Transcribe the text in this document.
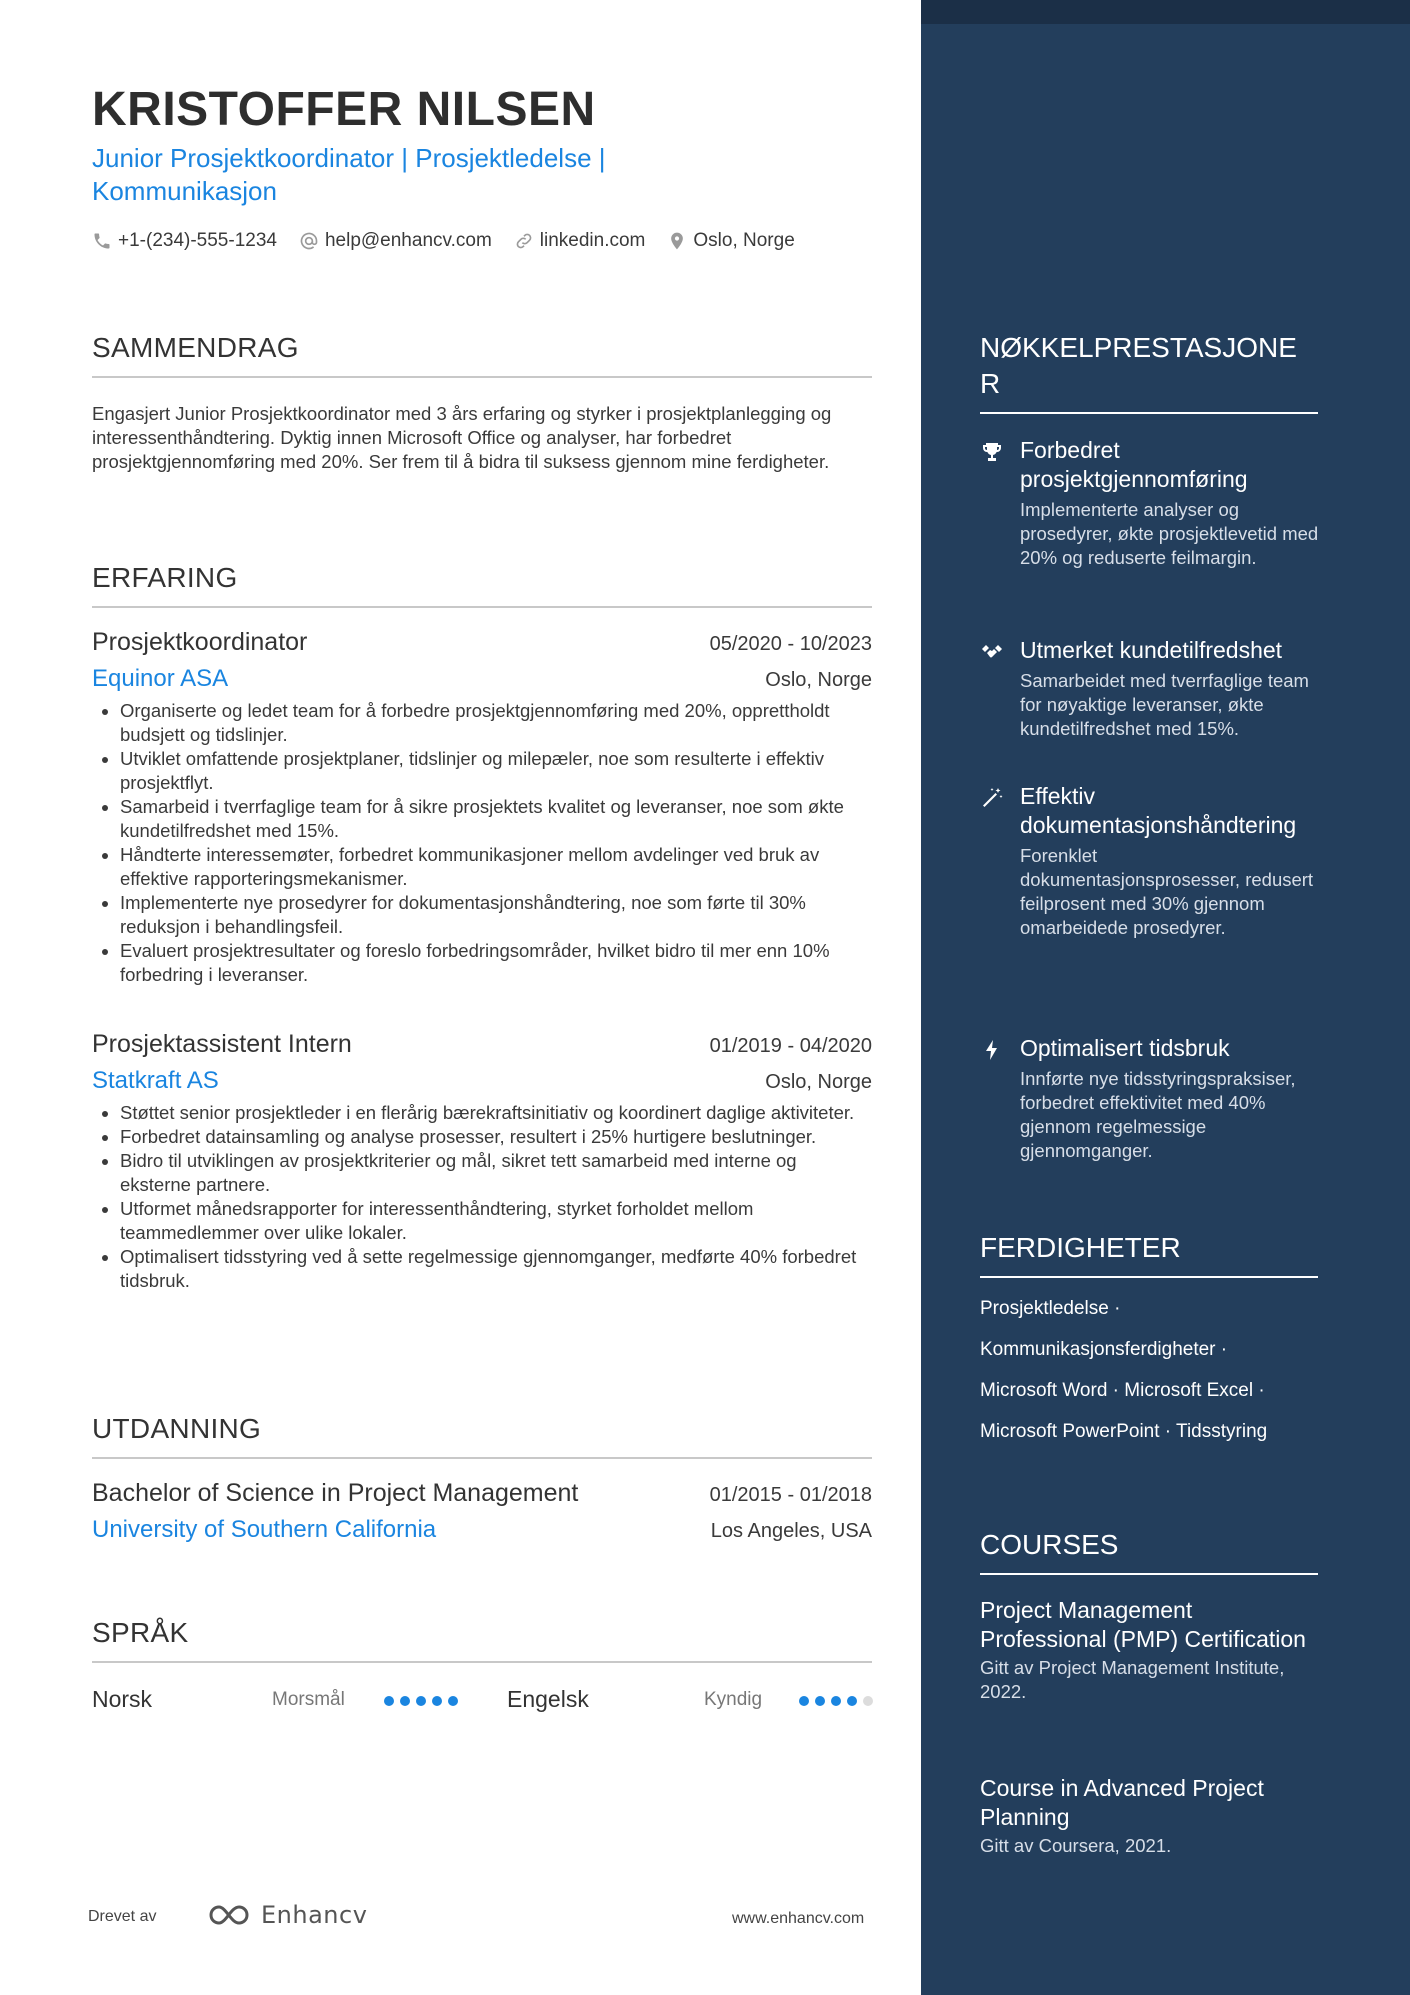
KRISTOFFER NILSEN
Junior Prosjektkoordinator | Prosjektledelse |
Kommunikasjon
+1-(234)-555-1234	help@enhancv.com	linkedin.com	Oslo, Norge
SAMMENDRAG
Engasjert Junior Prosjektkoordinator med 3 års erfaring og styrker i prosjektplanlegging og interessenthåndtering. Dyktig innen Microsoft Office og analyser, har forbedret prosjektgjennomføring med 20%. Ser frem til å bidra til suksess gjennom mine ferdigheter.
ERFARING
Prosjektkoordinator	05/2020 - 10/2023
Equinor ASA	Oslo, Norge
• Organiserte og ledet team for å forbedre prosjektgjennomføring med 20%, opprettholdt budsjett og tidslinjer.
• Utviklet omfattende prosjektplaner, tidslinjer og milepæler, noe som resulterte i effektiv prosjektflyt.
• Samarbeid i tverrfaglige team for å sikre prosjektets kvalitet og leveranser, noe som økte kundetilfredshet med 15%.
• Håndterte interessemøter, forbedret kommunikasjoner mellom avdelinger ved bruk av effektive rapporteringsmekanismer.
• Implementerte nye prosedyrer for dokumentasjonshåndtering, noe som førte til 30% reduksjon i behandlingsfeil.
• Evaluert prosjektresultater og foreslo forbedringsområder, hvilket bidro til mer enn 10% forbedring i leveranser.
Prosjektassistent Intern	01/2019 - 04/2020
Statkraft AS	Oslo, Norge
• Støttet senior prosjektleder i en flerårig bærekraftsinitiativ og koordinert daglige aktiviteter.
• Forbedret datainsamling og analyse prosesser, resultert i 25% hurtigere beslutninger.
• Bidro til utviklingen av prosjektkriterier og mål, sikret tett samarbeid med interne og eksterne partnere.
• Utformet månedsrapporter for interessenthåndtering, styrket forholdet mellom teammedlemmer over ulike lokaler.
• Optimalisert tidsstyring ved å sette regelmessige gjennomganger, medførte 40% forbedret tidsbruk.
UTDANNING
Bachelor of Science in Project Management	01/2015 - 01/2018
University of Southern California	Los Angeles, USA
SPRÅK
Norsk	Morsmål	Engelsk	Kyndig
NØKKELPRESTASJONE
R
Forbedret prosjektgjennomføring
Implementerte analyser og prosedyrer, økte prosjektlevetid med 20% og reduserte feilmargin.
Utmerket kundetilfredshet
Samarbeidet med tverrfaglige team for nøyaktige leveranser, økte kundetilfredshet med 15%.
Effektiv dokumentasjonshåndtering
Forenklet dokumentasjonsprosesser, redusert feilprosent med 30% gjennom omarbeidede prosedyrer.
Optimalisert tidsbruk
Innførte nye tidsstyringspraksiser, forbedret effektivitet med 40% gjennom regelmessige gjennomganger.
FERDIGHETER
Prosjektledelse ·
Kommunikasjonsferdigheter ·
Microsoft Word · Microsoft Excel ·
Microsoft PowerPoint · Tidsstyring
COURSES
Project Management Professional (PMP) Certification
Gitt av Project Management Institute, 2022.
Course in Advanced Project Planning
Gitt av Coursera, 2021.
Drevet av	Enhancv	www.enhancv.com
